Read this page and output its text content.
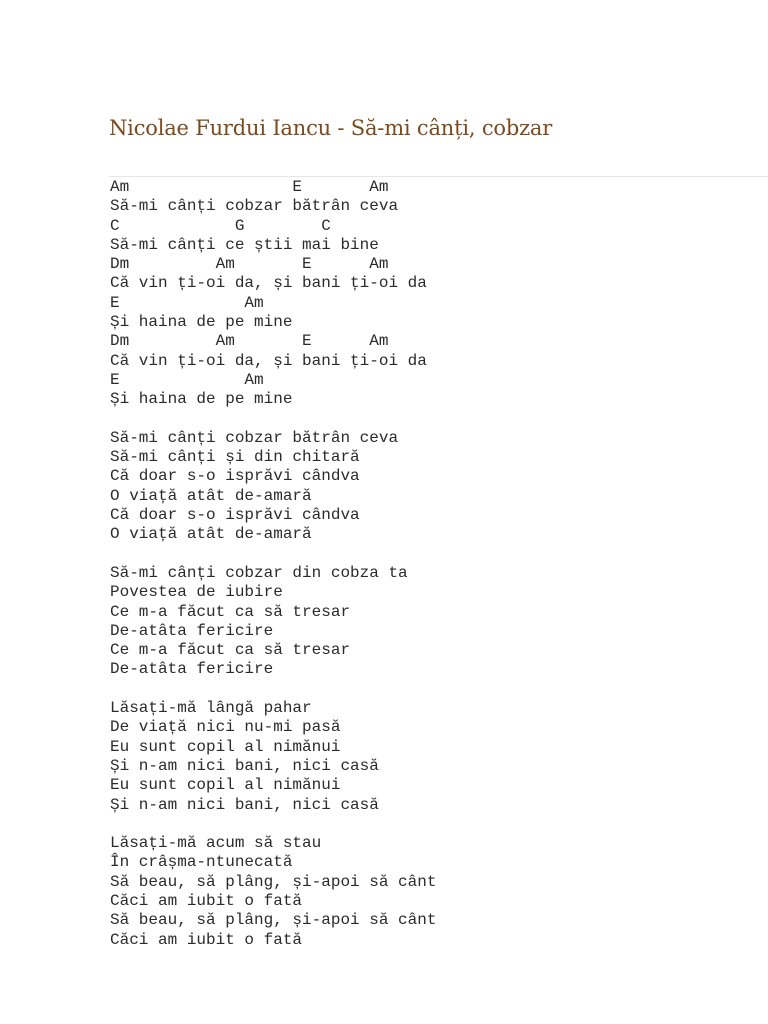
Nicolae Furdui Iancu - Să-mi cânți, cobzar
Am                 E       Am
Să-mi cânți cobzar bătrân ceva
C            G        C
Să-mi cânți ce știi mai bine
Dm         Am       E      Am
Că vin ți-oi da, și bani ți-oi da
E             Am
Și haina de pe mine
Dm         Am       E      Am
Că vin ți-oi da, și bani ți-oi da
E             Am
Și haina de pe mine
Să-mi cânți cobzar bătrân ceva
Să-mi cânți și din chitară
Că doar s-o isprăvi cândva
O viață atât de-amară
Că doar s-o isprăvi cândva
O viață atât de-amară
Să-mi cânți cobzar din cobza ta
Povestea de iubire
Ce m-a făcut ca să tresar
De-atâta fericire
Ce m-a făcut ca să tresar
De-atâta fericire
Lăsați-mă lângă pahar
De viață nici nu-mi pasă
Eu sunt copil al nimănui
Și n-am nici bani, nici casă
Eu sunt copil al nimănui
Și n-am nici bani, nici casă
Lăsați-mă acum să stau
În crâșma-ntunecată
Să beau, să plâng, și-apoi să cânt
Căci am iubit o fată
Să beau, să plâng, și-apoi să cânt
Căci am iubit o fată
